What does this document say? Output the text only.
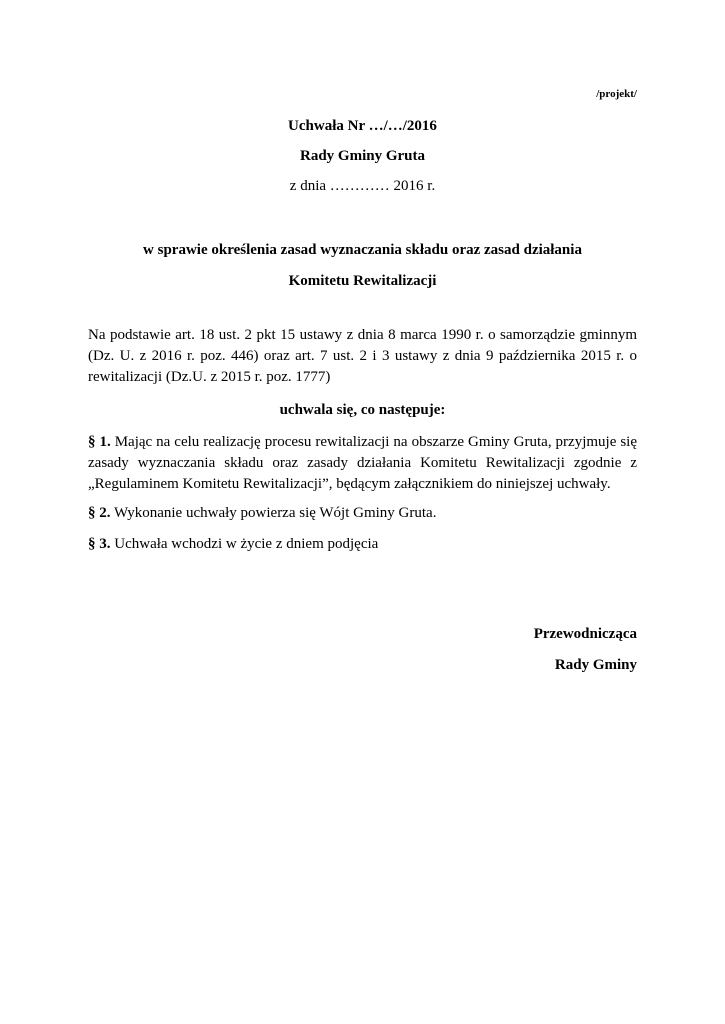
/projekt/

Uchwała Nr …/…/2016

Rady Gminy Gruta

z dnia ………… 2016 r.

w sprawie określenia zasad wyznaczania składu oraz zasad działania

Komitetu Rewitalizacji

Na podstawie art. 18 ust. 2 pkt 15 ustawy z dnia 8 marca 1990 r. o samorządzie gminnym
(Dz. U. z 2016 r. poz. 446) oraz art. 7 ust. 2 i 3 ustawy z dnia 9 października 2015 r. o
rewitalizacji (Dz.U. z 2015 r. poz. 1777)

uchwala się, co następuje:

§ 1. Mając na celu realizację procesu rewitalizacji na obszarze Gminy Gruta, przyjmuje się
zasady wyznaczania składu oraz zasady działania Komitetu Rewitalizacji zgodnie z
„Regulaminem Komitetu Rewitalizacji”, będącym załącznikiem do niniejszej uchwały.
§ 2. Wykonanie uchwały powierza się Wójt Gminy Gruta.
§ 3. Uchwała wchodzi w życie z dniem podjęcia

Przewodnicząca

Rady Gminy
